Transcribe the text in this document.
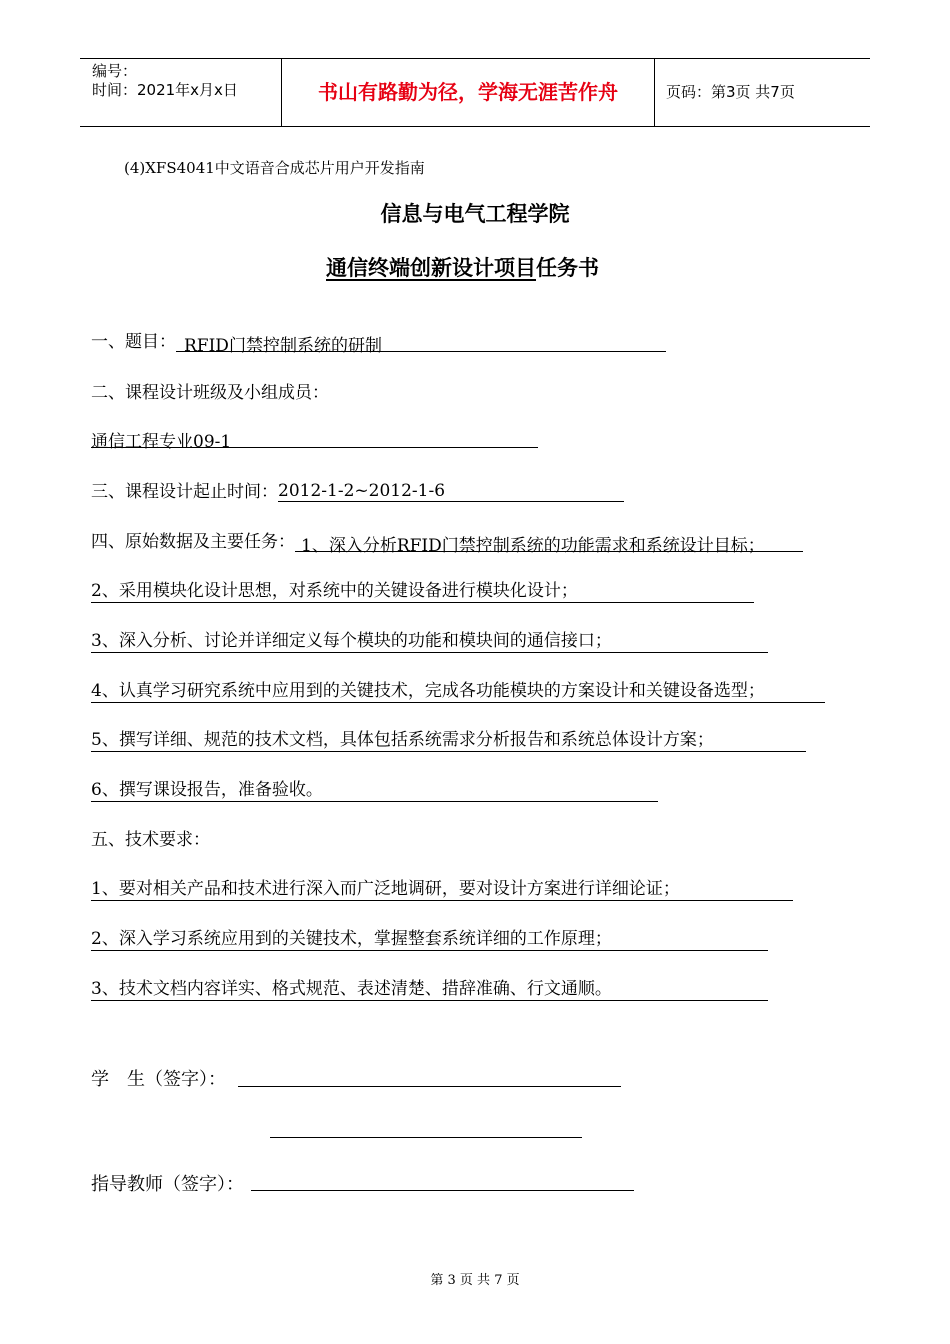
编号：
时间：2021年x月x日	书山有路勤为径，学海无涯苦作舟	页码：第3页 共7页
(4)XFS4041中文语音合成芯片用户开发指南
信息与电气工程学院
通信终端创新设计项目任务书
一、题目： RFID门禁控制系统的研制
二、课程设计班级及小组成员：
通信工程专业09-1
三、课程设计起止时间：2012-1-2~2012-1-6
四、原始数据及主要任务： 1、深入分析RFID门禁控制系统的功能需求和系统设计目标；
2、采用模块化设计思想，对系统中的关键设备进行模块化设计；
3、深入分析、讨论并详细定义每个模块的功能和模块间的通信接口；
4、认真学习研究系统中应用到的关键技术，完成各功能模块的方案设计和关键设备选型；
5、撰写详细、规范的技术文档，具体包括系统需求分析报告和系统总体设计方案；
6、撰写课设报告，准备验收。
五、技术要求：
1、要对相关产品和技术进行深入而广泛地调研，要对设计方案进行详细论证；
2、深入学习系统应用到的关键技术，掌握整套系统详细的工作原理；
3、技术文档内容详实、格式规范、表述清楚、措辞准确、行文通顺。
学　生（签字）：
指导教师（签字）：
第 3 页 共 7 页
